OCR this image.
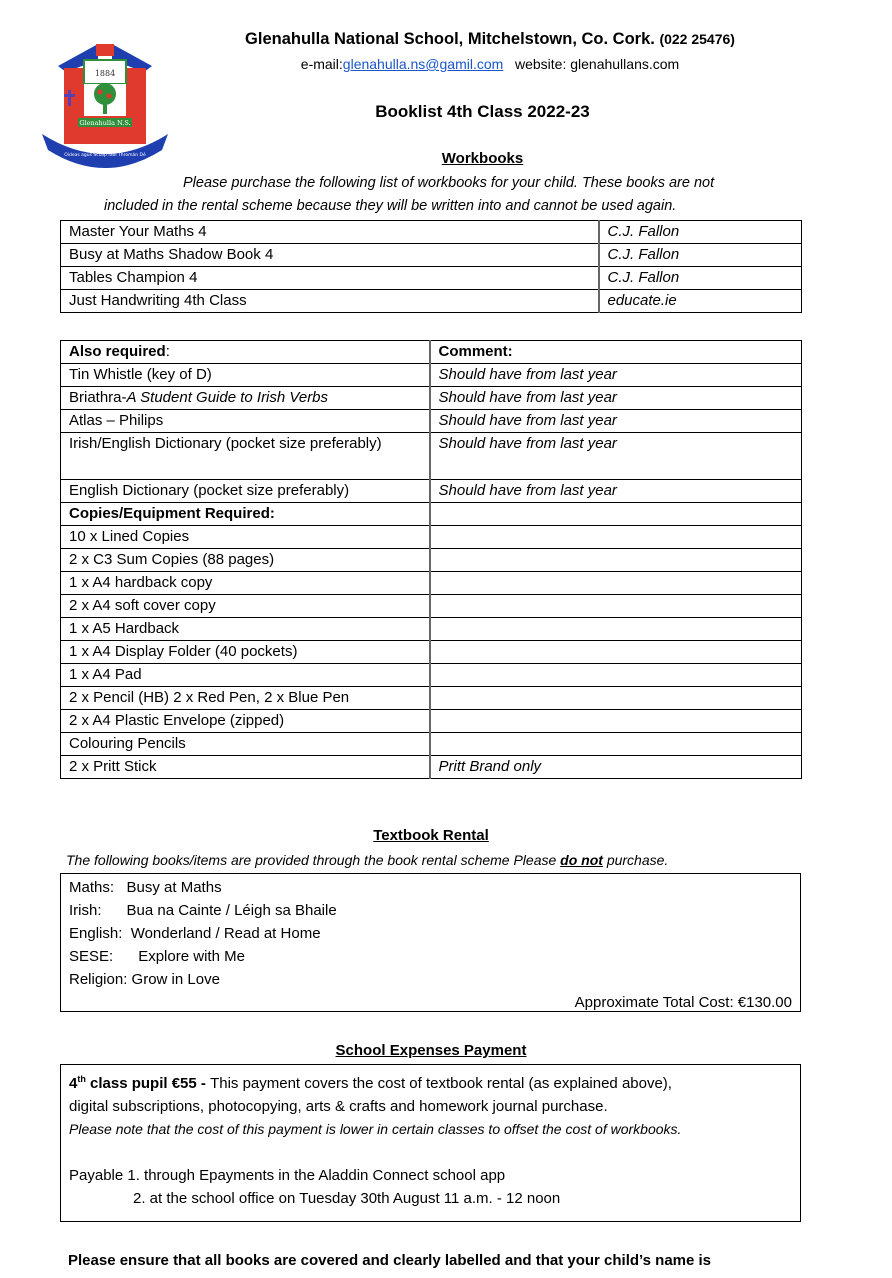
1884
Glenahulla N.S.
Oideas agus Scláip faoi Thromán Dé
Glenahulla National School, Mitchelstown, Co. Cork. (022 25476)
e-mail:glenahulla.ns@gamil.com website: glenahullans.com
Booklist 4th Class 2022-23
Workbooks
Please purchase the following list of workbooks for your child. These books are not
included in the rental scheme because they will be written into and cannot be used again.
Master Your Maths 4	C.J. Fallon
Busy at Maths Shadow Book 4	C.J. Fallon
Tables Champion 4	C.J. Fallon
Just Handwriting 4th Class	educate.ie
Also required:	Comment:
Tin Whistle (key of D)	Should have from last year
Briathra-A Student Guide to Irish Verbs	Should have from last year
Atlas – Philips	Should have from last year
Irish/English Dictionary (pocket size preferably)	Should have from last year
English Dictionary (pocket size preferably)	Should have from last year
Copies/Equipment Required:	
10 x Lined Copies	
2 x C3 Sum Copies (88 pages)	
1 x A4 hardback copy	
2 x A4 soft cover copy	
1 x A5 Hardback	
1 x A4 Display Folder (40 pockets)	
1 x A4 Pad	
2 x Pencil (HB) 2 x Red Pen, 2 x Blue Pen	
2 x A4 Plastic Envelope (zipped)	
Colouring Pencils	
2 x Pritt Stick	Pritt Brand only
Textbook Rental
The following books/items are provided through the book rental scheme Please do not purchase.
Maths:   Busy at Maths
Irish:      Bua na Cainte / Léigh sa Bhaile
English:  Wonderland / Read at Home
SESE:      Explore with Me
Religion: Grow in Love
Approximate Total Cost: €130.00
School Expenses Payment
4th class pupil €55 - This payment covers the cost of textbook rental (as explained above),
digital subscriptions, photocopying, arts & crafts and homework journal purchase.
Please note that the cost of this payment is lower in certain classes to offset the cost of workbooks.
Payable 1. through Epayments in the Aladdin Connect school app
2. at the school office on Tuesday 30th August 11 a.m. - 12 noon
Please ensure that all books are covered and clearly labelled and that your child’s name is
